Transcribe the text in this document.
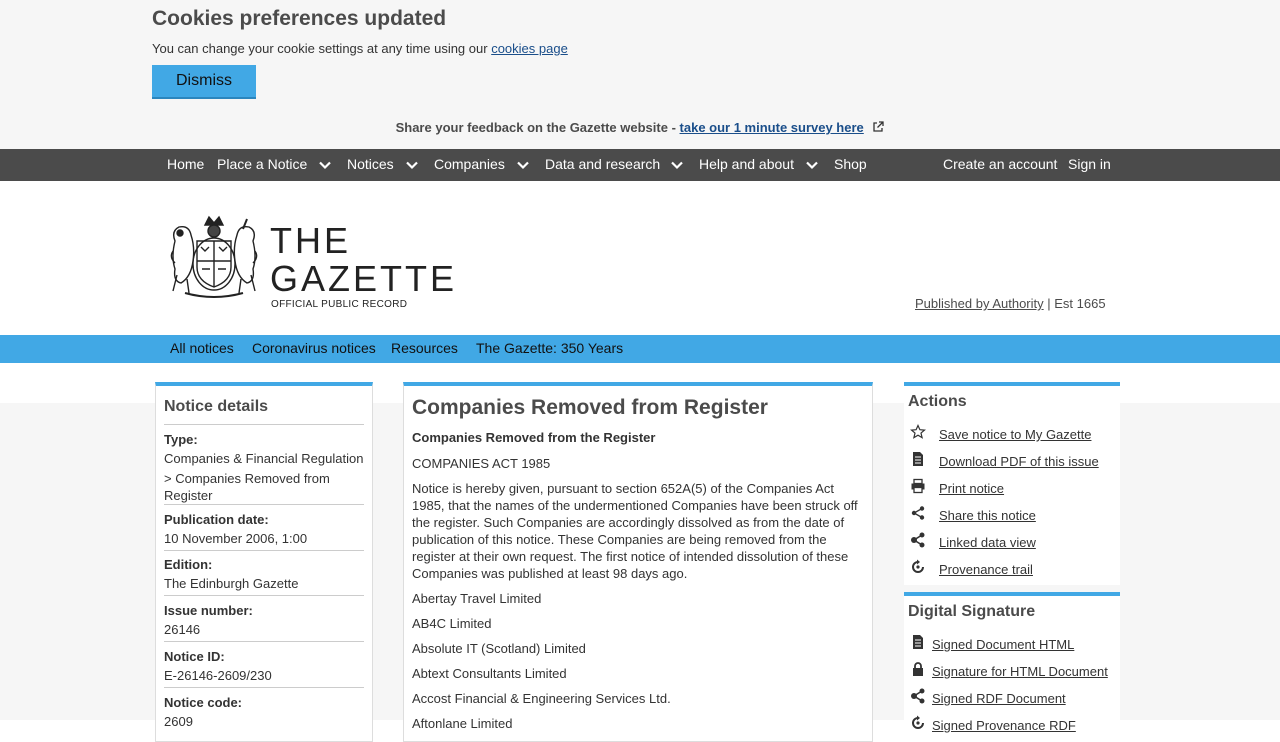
Cookies preferences updated
You can change your cookie settings at any time using our cookies page
Dismiss
Share your feedback on the Gazette website - take our 1 minute survey here
Home Place a Notice	Notices	Companies	Data and research	Help and about	Shop	Create an account Sign in
THE
GAZETTE
OFFICIAL PUBLIC RECORD	Published by Authority | Est 1665
All notices Coronavirus notices Resources The Gazette: 350 Years
Notice details
Type:
Companies & Financial Regulation
> Companies Removed from Register
Publication date:
10 November 2006, 1:00
Edition:
The Edinburgh Gazette
Issue number:
26146
Notice ID:
E-26146-2609/230
Notice code:
2609
Companies Removed from Register
Companies Removed from the Register
COMPANIES ACT 1985
Notice is hereby given, pursuant to section 652A(5) of the Companies Act 1985, that the names of the undermentioned Companies have been struck off the register. Such Companies are accordingly dissolved as from the date of publication of this notice. These Companies are being removed from the register at their own request. The first notice of intended dissolution of these Companies was published at least 98 days ago.
Abertay Travel Limited
AB4C Limited
Absolute IT (Scotland) Limited
Abtext Consultants Limited
Accost Financial & Engineering Services Ltd.
Aftonlane Limited
Actions
Save notice to My Gazette
Download PDF of this issue
Print notice
Share this notice
Linked data view
Provenance trail
Digital Signature
Signed Document HTML
Signature for HTML Document
Signed RDF Document
Signed Provenance RDF
